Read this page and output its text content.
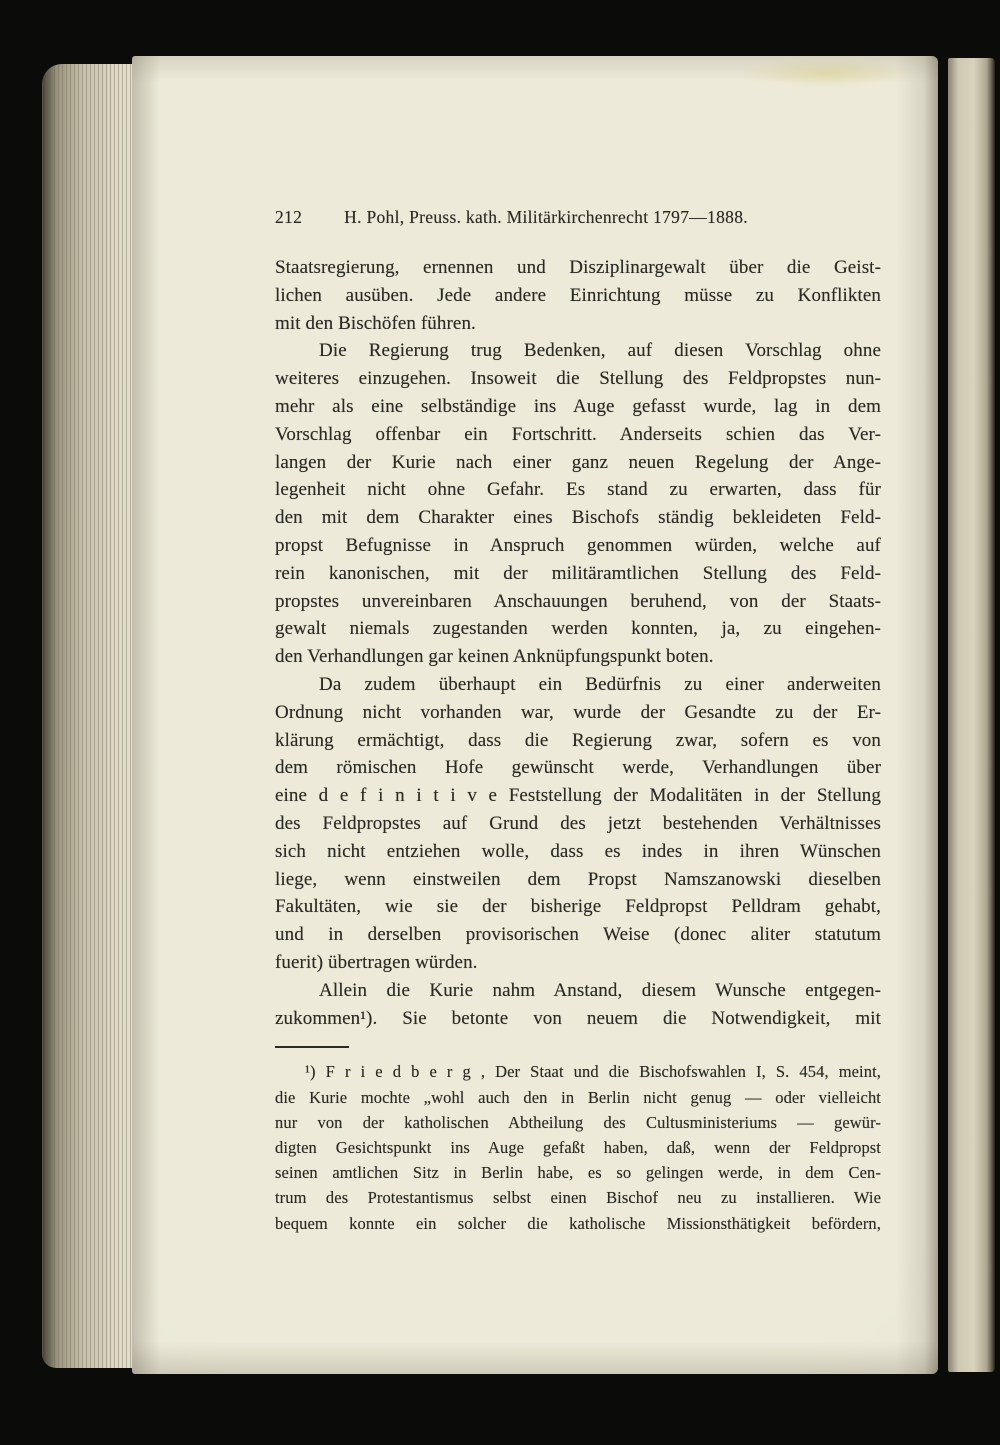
212 H. Pohl, Preuss. kath. Militärkirchenrecht 1797—1888.
Staatsregierung, ernennen und Disziplinargewalt über die Geist-
lichen ausüben. Jede andere Einrichtung müsse zu Konflikten
mit den Bischöfen führen.
Die Regierung trug Bedenken, auf diesen Vorschlag ohne
weiteres einzugehen. Insoweit die Stellung des Feldpropstes nun-
mehr als eine selbständige ins Auge gefasst wurde, lag in dem
Vorschlag offenbar ein Fortschritt. Anderseits schien das Ver-
langen der Kurie nach einer ganz neuen Regelung der Ange-
legenheit nicht ohne Gefahr. Es stand zu erwarten, dass für
den mit dem Charakter eines Bischofs ständig bekleideten Feld-
propst Befugnisse in Anspruch genommen würden, welche auf
rein kanonischen, mit der militäramtlichen Stellung des Feld-
propstes unvereinbaren Anschauungen beruhend, von der Staats-
gewalt niemals zugestanden werden konnten, ja, zu eingehen-
den Verhandlungen gar keinen Anknüpfungspunkt boten.
Da zudem überhaupt ein Bedürfnis zu einer anderweiten
Ordnung nicht vorhanden war, wurde der Gesandte zu der Er-
klärung ermächtigt, dass die Regierung zwar, sofern es von
dem römischen Hofe gewünscht werde, Verhandlungen über
eine d e f i n i t i v e Feststellung der Modalitäten in der Stellung
des Feldpropstes auf Grund des jetzt bestehenden Verhältnisses
sich nicht entziehen wolle, dass es indes in ihren Wünschen
liege, wenn einstweilen dem Propst Namszanowski dieselben
Fakultäten, wie sie der bisherige Feldpropst Pelldram gehabt,
und in derselben provisorischen Weise (donec aliter statutum
fuerit) übertragen würden.
Allein die Kurie nahm Anstand, diesem Wunsche entgegen-
zukommen¹). Sie betonte von neuem die Notwendigkeit, mit
¹) F r i e d b e r g , Der Staat und die Bischofswahlen I, S. 454, meint,
die Kurie mochte „wohl auch den in Berlin nicht genug — oder vielleicht
nur von der katholischen Abtheilung des Cultusministeriums — gewür-
digten Gesichtspunkt ins Auge gefaßt haben, daß, wenn der Feldpropst
seinen amtlichen Sitz in Berlin habe, es so gelingen werde, in dem Cen-
trum des Protestantismus selbst einen Bischof neu zu installieren. Wie
bequem konnte ein solcher die katholische Missionsthätigkeit befördern,
